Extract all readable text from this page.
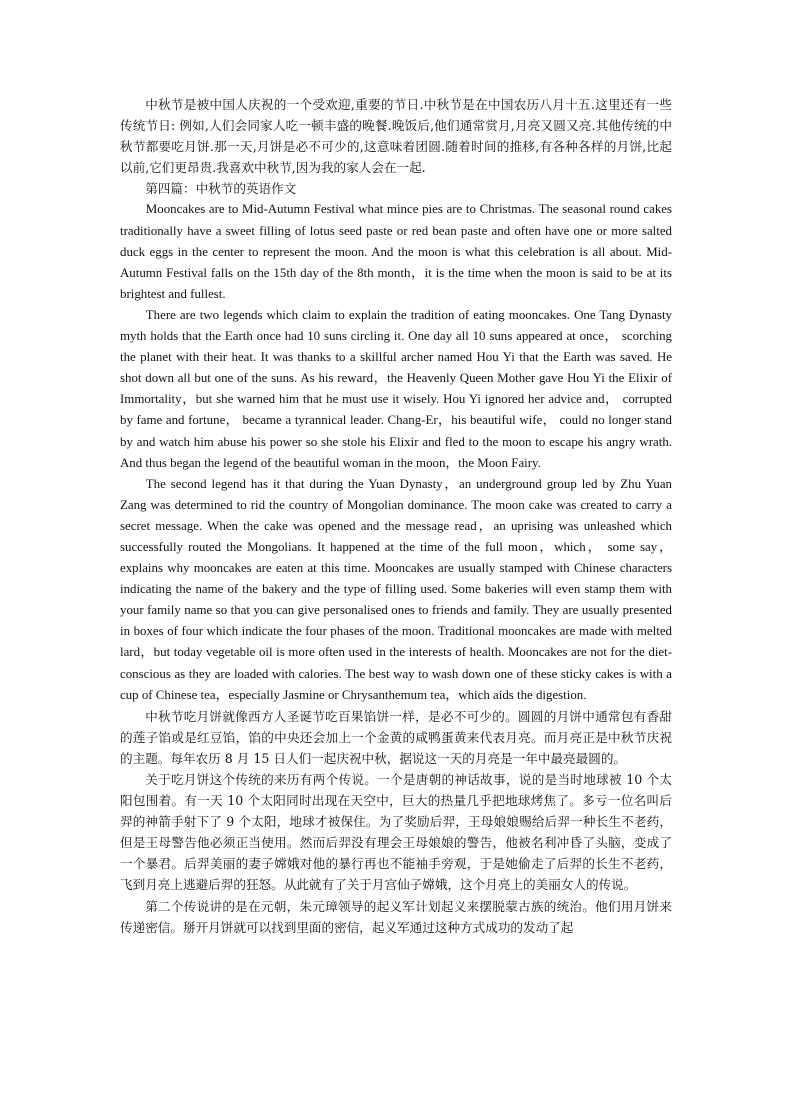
中秋节是被中国人庆祝的一个受欢迎,重要的节日.中秋节是在中国农历八月十五.这里还有一些传统节日: 例如,人们会同家人吃一顿丰盛的晚餐.晚饭后,他们通常赏月,月亮又圆又亮.其他传统的中秋节都要吃月饼.那一天,月饼是必不可少的,这意味着团圆.随着时间的推移,有各种各样的月饼,比起以前,它们更昂贵.我喜欢中秋节,因为我的家人会在一起.

第四篇：中秋节的英语作文

Mooncakes are to Mid-Autumn Festival what mince pies are to Christmas. The seasonal round cakes traditionally have a sweet filling of lotus seed paste or red bean paste and often have one or more salted duck eggs in the center to represent the moon. And the moon is what this celebration is all about. Mid-Autumn Festival falls on the 15th day of the 8th month，it is the time when the moon is said to be at its brightest and fullest.

There are two legends which claim to explain the tradition of eating mooncakes. One Tang Dynasty myth holds that the Earth once had 10 suns circling it. One day all 10 suns appeared at once， scorching the planet with their heat. It was thanks to a skillful archer named Hou Yi that the Earth was saved. He shot down all but one of the suns. As his reward，the Heavenly Queen Mother gave Hou Yi the Elixir of Immortality，but she warned him that he must use it wisely. Hou Yi ignored her advice and， corrupted by fame and fortune， became a tyrannical leader. Chang-Er，his beautiful wife， could no longer stand by and watch him abuse his power so she stole his Elixir and fled to the moon to escape his angry wrath. And thus began the legend of the beautiful woman in the moon，the Moon Fairy.

The second legend has it that during the Yuan Dynasty，an underground group led by Zhu Yuan Zang was determined to rid the country of Mongolian dominance. The moon cake was created to carry a secret message. When the cake was opened and the message read，an uprising was unleashed which successfully routed the Mongolians. It happened at the time of the full moon，which， some say， explains why mooncakes are eaten at this time. Mooncakes are usually stamped with Chinese characters indicating the name of the bakery and the type of filling used. Some bakeries will even stamp them with your family name so that you can give personalised ones to friends and family. They are usually presented in boxes of four which indicate the four phases of the moon. Traditional mooncakes are made with melted lard，but today vegetable oil is more often used in the interests of health. Mooncakes are not for the diet-conscious as they are loaded with calories. The best way to wash down one of these sticky cakes is with a cup of Chinese tea，especially Jasmine or Chrysanthemum tea，which aids the digestion.

中秋节吃月饼就像西方人圣诞节吃百果馅饼一样，是必不可少的。圆圆的月饼中通常包有香甜的莲子馅或是红豆馅，馅的中央还会加上一个金黄的咸鸭蛋黄来代表月亮。而月亮正是中秋节庆祝的主题。每年农历 8 月 15 日人们一起庆祝中秋，据说这一天的月亮是一年中最亮最圆的。

关于吃月饼这个传统的来历有两个传说。一个是唐朝的神话故事，说的是当时地球被 10 个太阳包围着。有一天 10 个太阳同时出现在天空中，巨大的热量几乎把地球烤焦了。多亏一位名叫后羿的神箭手射下了 9 个太阳，地球才被保住。为了奖励后羿，王母娘娘赐给后羿一种长生不老药，但是王母警告他必须正当使用。然而后羿没有理会王母娘娘的警告，他被名利冲昏了头脑，变成了一个暴君。后羿美丽的妻子嫦娥对他的暴行再也不能袖手旁观，于是她偷走了后羿的长生不老药，飞到月亮上逃避后羿的狂怒。从此就有了关于月宫仙子嫦娥，这个月亮上的美丽女人的传说。

第二个传说讲的是在元朝，朱元璋领导的起义军计划起义来摆脱蒙古族的统治。他们用月饼来传递密信。掰开月饼就可以找到里面的密信，起义军通过这种方式成功的发动了起
